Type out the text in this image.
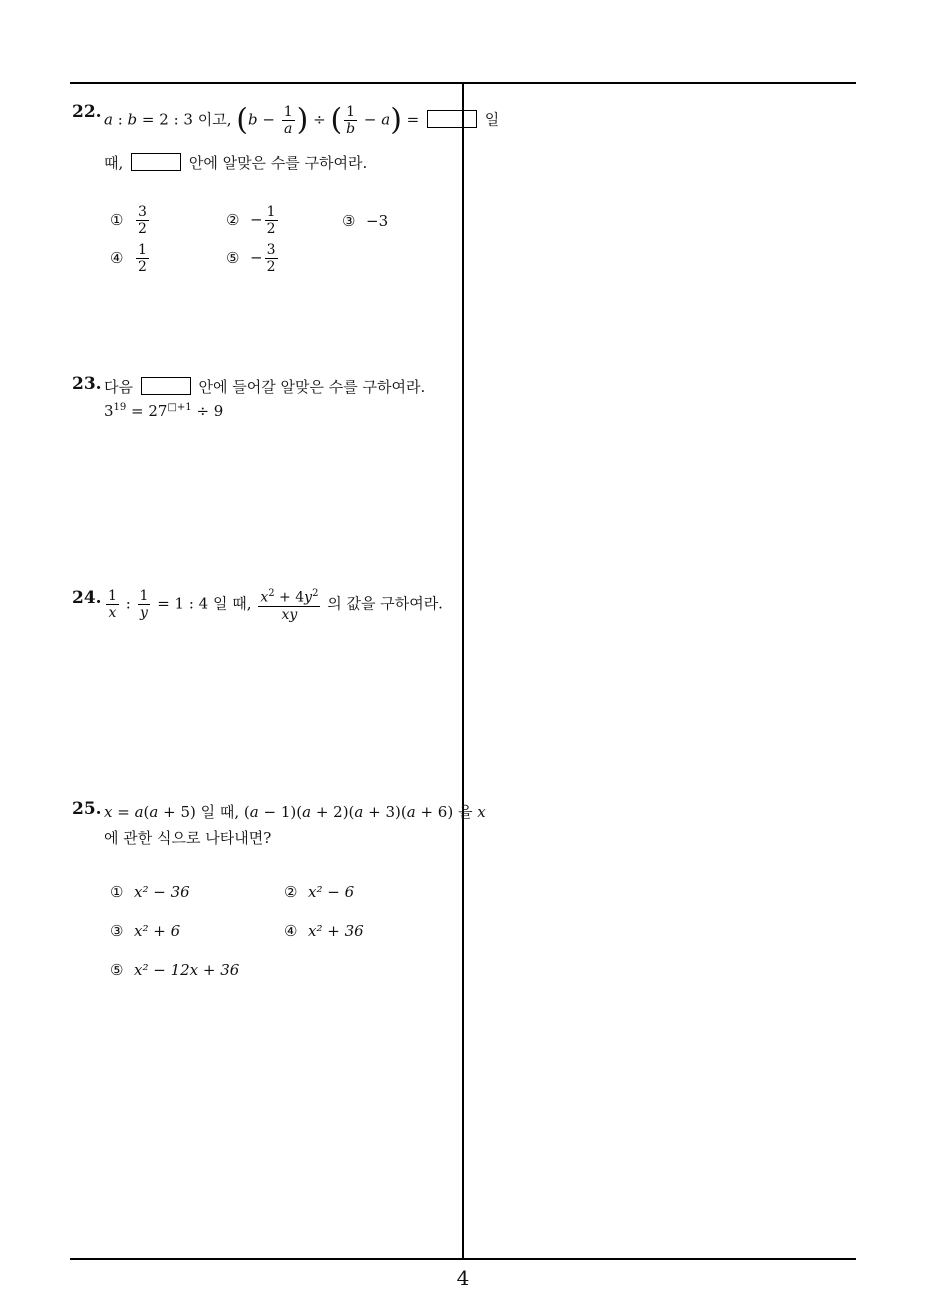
22. a : b = 2 : 3 이고, ($b - \frac{1}{a}$ ) ÷ ( $\frac{1}{b} - a$) =	일
때,	안에 알맞은 수를 구하여라.
① $\frac{3}{2}$	② − $\frac{1}{2}$	③ −3
④ $\frac{1}{2}$	⑤ − $\frac{3}{2}$
23. 다음	안에 들어갈 알맞은 수를 구하여라.
$3^{19} = 27^{□+1} \div 9$
24. $\frac{1}{x}$ : $\frac{1}{y} = 1$ : 4 일 때, $\frac{x^2 + 4y^2}{xy}$ 의 값을 구하여라.
25. x = a(a + 5) 일 때, (a − 1)(a + 2)(a + 3)(a + 6) 을 x
에 관한 식으로 나타내면?
① x² − 36	② x² − 6
③ x² + 6	④ x² + 36
⑤ x² − 12x + 36
4
